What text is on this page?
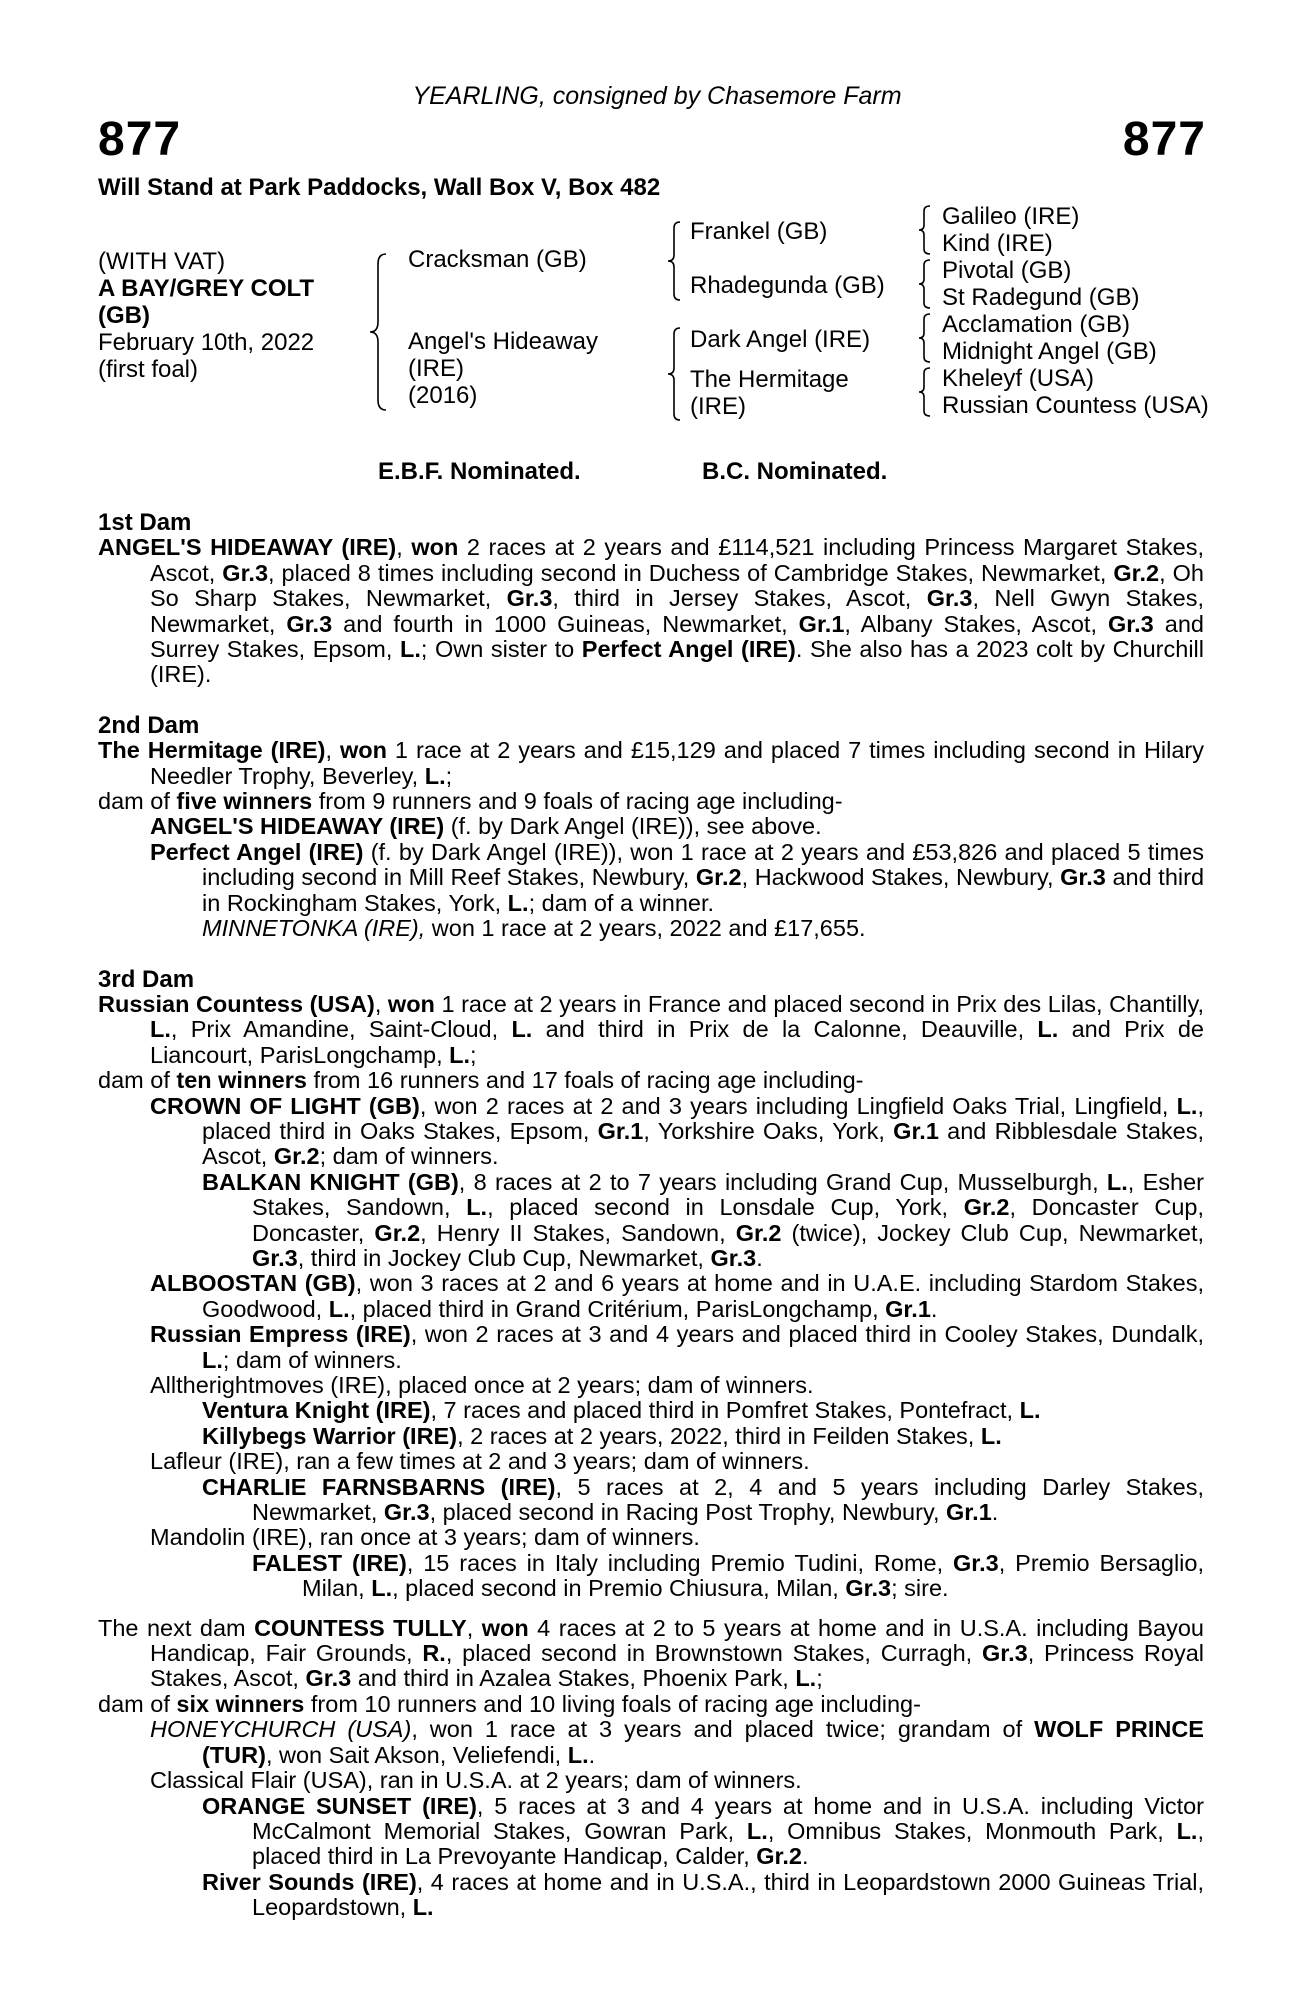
YEARLING, consigned by Chasemore Farm
877	877
Will Stand at Park Paddocks, Wall Box V, Box 482
(WITH VAT)
A BAY/GREY COLT
(GB)
February 10th, 2022
(first foal)
Cracksman (GB)
Angel's Hideaway
(IRE)
(2016)
Frankel (GB)
Rhadegunda (GB)
Dark Angel (IRE)
The Hermitage
(IRE)
Galileo (IRE)
Kind (IRE)
Pivotal (GB)
St Radegund (GB)
Acclamation (GB)
Midnight Angel (GB)
Kheleyf (USA)
Russian Countess (USA)
E.B.F. Nominated.	B.C. Nominated.
1st Dam
ANGEL'S HIDEAWAY (IRE), won 2 races at 2 years and £114,521 including Princess Margaret Stakes, Ascot, Gr.3, placed 8 times including second in Duchess of Cambridge Stakes, Newmarket, Gr.2, Oh So Sharp Stakes, Newmarket, Gr.3, third in Jersey Stakes, Ascot, Gr.3, Nell Gwyn Stakes, Newmarket, Gr.3 and fourth in 1000 Guineas, Newmarket, Gr.1, Albany Stakes, Ascot, Gr.3 and Surrey Stakes, Epsom, L.; Own sister to Perfect Angel (IRE). She also has a 2023 colt by Churchill (IRE).
2nd Dam
The Hermitage (IRE), won 1 race at 2 years and £15,129 and placed 7 times including second in Hilary Needler Trophy, Beverley, L.;
dam of five winners from 9 runners and 9 foals of racing age including-
ANGEL'S HIDEAWAY (IRE) (f. by Dark Angel (IRE)), see above.
Perfect Angel (IRE) (f. by Dark Angel (IRE)), won 1 race at 2 years and £53,826 and placed 5 times including second in Mill Reef Stakes, Newbury, Gr.2, Hackwood Stakes, Newbury, Gr.3 and third in Rockingham Stakes, York, L.; dam of a winner.
MINNETONKA (IRE), won 1 race at 2 years, 2022 and £17,655.
3rd Dam
Russian Countess (USA), won 1 race at 2 years in France and placed second in Prix des Lilas, Chantilly, L., Prix Amandine, Saint-Cloud, L. and third in Prix de la Calonne, Deauville, L. and Prix de Liancourt, ParisLongchamp, L.;
dam of ten winners from 16 runners and 17 foals of racing age including-
CROWN OF LIGHT (GB), won 2 races at 2 and 3 years including Lingfield Oaks Trial, Lingfield, L., placed third in Oaks Stakes, Epsom, Gr.1, Yorkshire Oaks, York, Gr.1 and Ribblesdale Stakes, Ascot, Gr.2; dam of winners.
BALKAN KNIGHT (GB), 8 races at 2 to 7 years including Grand Cup, Musselburgh, L., Esher Stakes, Sandown, L., placed second in Lonsdale Cup, York, Gr.2, Doncaster Cup, Doncaster, Gr.2, Henry II Stakes, Sandown, Gr.2 (twice), Jockey Club Cup, Newmarket, Gr.3, third in Jockey Club Cup, Newmarket, Gr.3.
ALBOOSTAN (GB), won 3 races at 2 and 6 years at home and in U.A.E. including Stardom Stakes, Goodwood, L., placed third in Grand Critérium, ParisLongchamp, Gr.1.
Russian Empress (IRE), won 2 races at 3 and 4 years and placed third in Cooley Stakes, Dundalk, L.; dam of winners.
Alltherightmoves (IRE), placed once at 2 years; dam of winners.
Ventura Knight (IRE), 7 races and placed third in Pomfret Stakes, Pontefract, L.
Killybegs Warrior (IRE), 2 races at 2 years, 2022, third in Feilden Stakes, L.
Lafleur (IRE), ran a few times at 2 and 3 years; dam of winners.
CHARLIE FARNSBARNS (IRE), 5 races at 2, 4 and 5 years including Darley Stakes, Newmarket, Gr.3, placed second in Racing Post Trophy, Newbury, Gr.1.
Mandolin (IRE), ran once at 3 years; dam of winners.
FALEST (IRE), 15 races in Italy including Premio Tudini, Rome, Gr.3, Premio Bersaglio, Milan, L., placed second in Premio Chiusura, Milan, Gr.3; sire.
The next dam COUNTESS TULLY, won 4 races at 2 to 5 years at home and in U.S.A. including Bayou Handicap, Fair Grounds, R., placed second in Brownstown Stakes, Curragh, Gr.3, Princess Royal Stakes, Ascot, Gr.3 and third in Azalea Stakes, Phoenix Park, L.;
dam of six winners from 10 runners and 10 living foals of racing age including-
HONEYCHURCH (USA), won 1 race at 3 years and placed twice; grandam of WOLF PRINCE (TUR), won Sait Akson, Veliefendi, L..
Classical Flair (USA), ran in U.S.A. at 2 years; dam of winners.
ORANGE SUNSET (IRE), 5 races at 3 and 4 years at home and in U.S.A. including Victor McCalmont Memorial Stakes, Gowran Park, L., Omnibus Stakes, Monmouth Park, L., placed third in La Prevoyante Handicap, Calder, Gr.2.
River Sounds (IRE), 4 races at home and in U.S.A., third in Leopardstown 2000 Guineas Trial, Leopardstown, L.
